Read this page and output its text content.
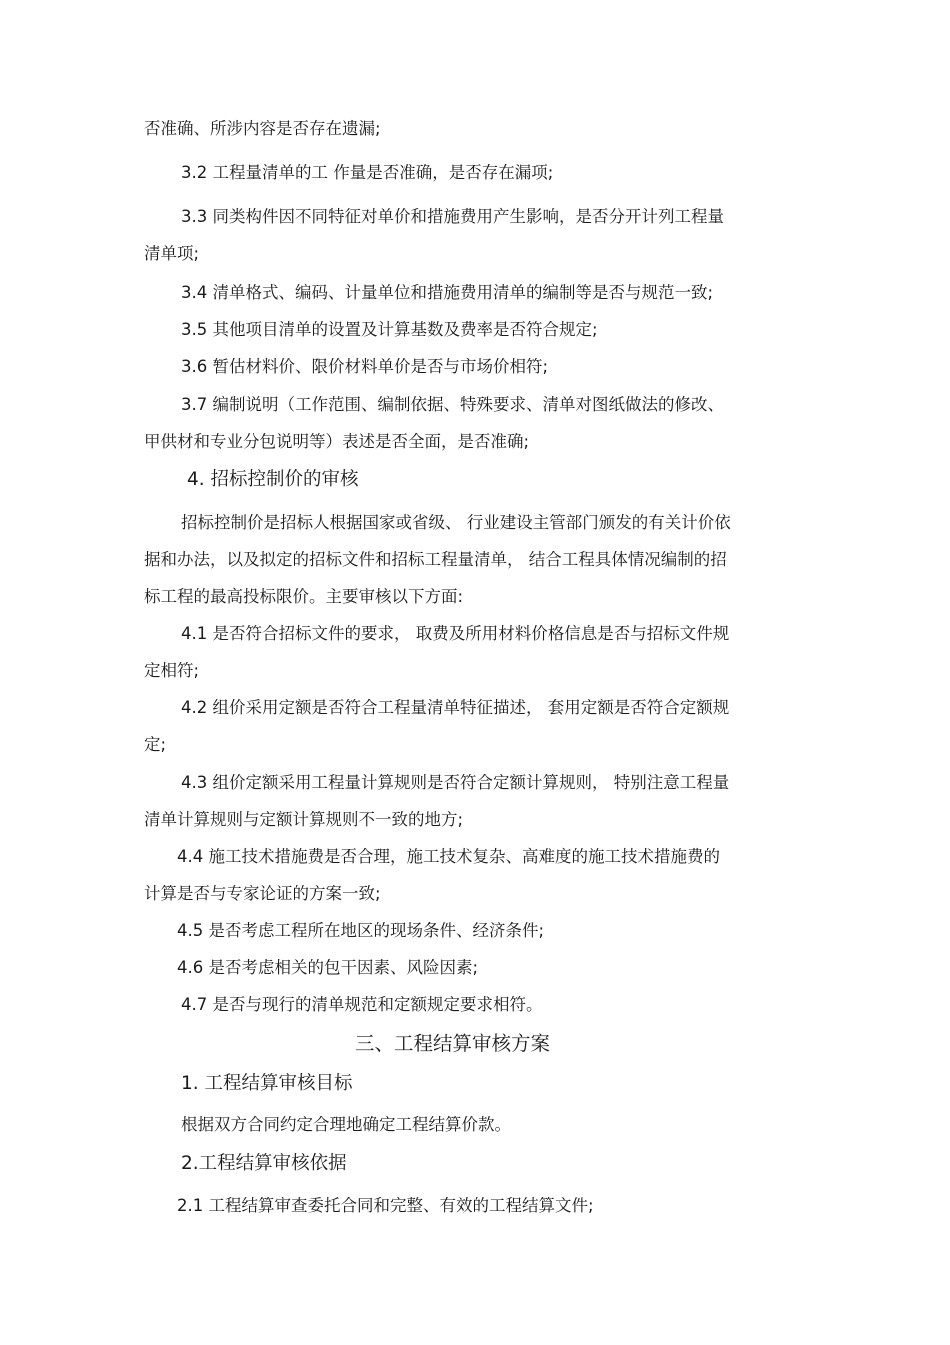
否准确、所涉内容是否存在遗漏;
3.2 工程量清单的工 作量是否准确，是否存在漏项;
3.3 同类构件因不同特征对单价和措施费用产生影响，是否分开计列工程量
清单项;
3.4 清单格式、编码、计量单位和措施费用清单的编制等是否与规范一致;
3.5 其他项目清单的设置及计算基数及费率是否符合规定;
3.6 暂估材料价、限价材料单价是否与市场价相符;
3.7 编制说明（工作范围、编制依据、特殊要求、清单对图纸做法的修改、
甲供材和专业分包说明等）表述是否全面，是否准确;
4. 招标控制价的审核
招标控制价是招标人根据国家或省级、 行业建设主管部门颁发的有关计价依
据和办法，以及拟定的招标文件和招标工程量清单， 结合工程具体情况编制的招
标工程的最高投标限价。主要审核以下方面:
4.1 是否符合招标文件的要求， 取费及所用材料价格信息是否与招标文件规
定相符;
4.2 组价采用定额是否符合工程量清单特征描述， 套用定额是否符合定额规
定;
4.3 组价定额采用工程量计算规则是否符合定额计算规则， 特别注意工程量
清单计算规则与定额计算规则不一致的地方;
4.4 施工技术措施费是否合理，施工技术复杂、高难度的施工技术措施费的
计算是否与专家论证的方案一致;
4.5 是否考虑工程所在地区的现场条件、经济条件;
4.6 是否考虑相关的包干因素、风险因素;
4.7 是否与现行的清单规范和定额规定要求相符。
三、工程结算审核方案
1. 工程结算审核目标
根据双方合同约定合理地确定工程结算价款。
2.工程结算审核依据
2.1 工程结算审查委托合同和完整、有效的工程结算文件;
